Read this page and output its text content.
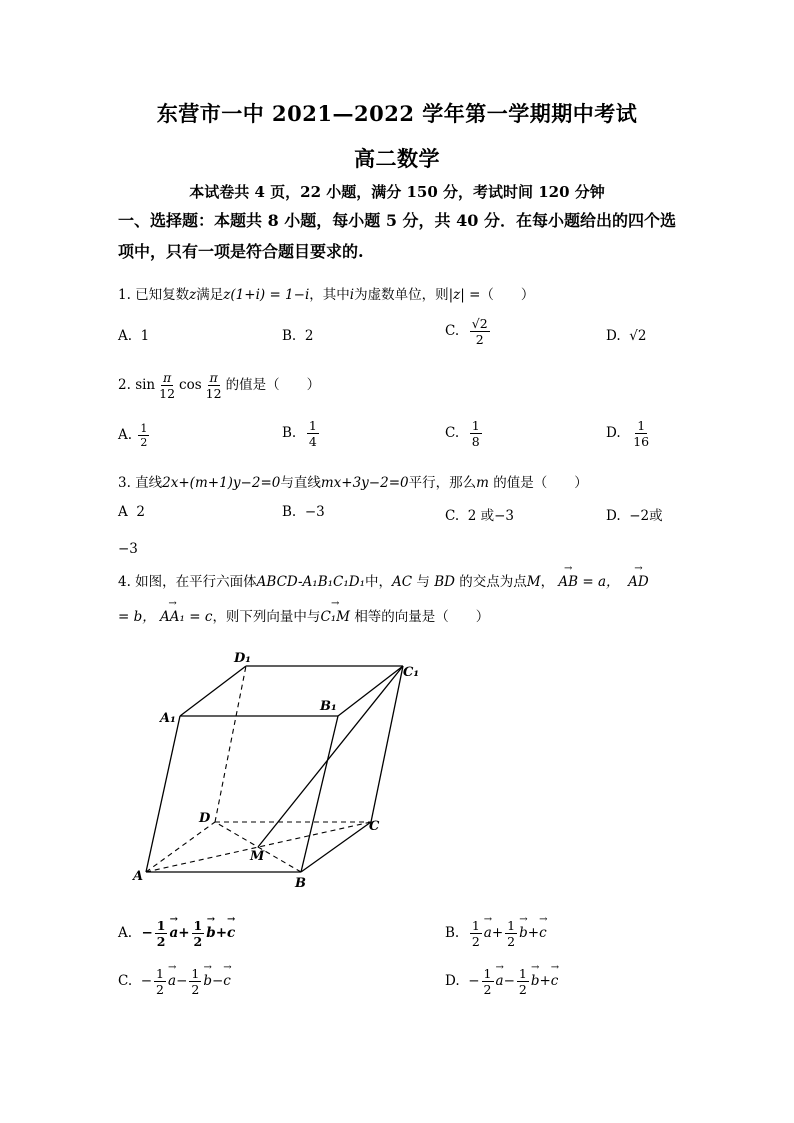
东营市一中 2021—2022 学年第一学期期中考试
高二数学
本试卷共 4 页，22 小题，满分 150 分，考试时间 120 分钟
一、选择题：本题共 8 小题，每小题 5 分，共 40 分．在每小题给出的四个选项中，只有一项是符合题目要求的.
1. 已知复数z满足z(1+i) = 1−i，其中i为虚数单位，则|z| =（　　）
A. 1	B. 2	C. $\frac{√2}{2}$	D. √2
2. $\sin \frac{\pi}{12}$ $\cos \frac{\pi}{12}$ 的值是（　　）
A. $\frac{1}{2}$	B. $\frac{1}{4}$	C. $\frac{1}{8}$	D. $\frac{1}{16}$
3. 直线2x+(m+1)y−2=0与直线mx+3y−2=0平行，那么m 的值是（　　）
A 2	B. −3	C. 2 或−3	D. −2或
−3
4. 如图，在平行六面体ABCD-A₁B₁C₁D₁中，AC 与 BD 的交点为点M， → AB = a，  → AD
= b， → AA₁ = c，则下列向量中与→ C₁M 相等的向量是（　　）
A	B
C
D
A₁
B₁
C₁
D₁
M
A. − $\frac{1}{2}$
→ $a+ \frac{1}{2}$
→ b+→ c	B. $\frac{1}{2}$
→ $a+ \frac{1}{2}$
→ b+→ c
C. − $\frac{1}{2}$
→ $a- \frac{1}{2}$
→ b−→ c	D. − $\frac{1}{2}$
→ $a- \frac{1}{2}$
→ b+→ c
